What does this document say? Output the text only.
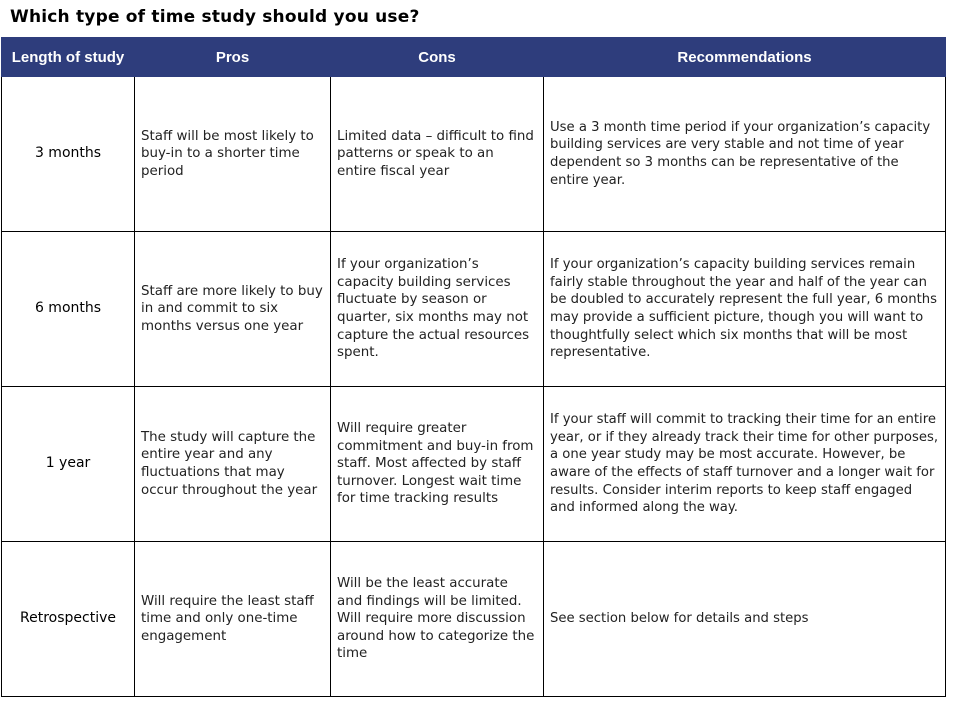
Which type of time study should you use?
Length of study	Pros	Cons	Recommendations
3 months	Staff will be most likely to buy-in to a shorter time period	Limited data – difficult to find patterns or speak to an entire fiscal year	Use a 3 month time period if your organization’s capacity building services are very stable and not time of year dependent so 3 months can be representative of the entire year.
6 months	Staff are more likely to buy in and commit to six months versus one year	If your organization’s capacity building services fluctuate by season or quarter, six months may not capture the actual resources spent.	If your organization’s capacity building services remain fairly stable throughout the year and half of the year can be doubled to accurately represent the full year, 6 months may provide a sufficient picture, though you will want to thoughtfully select which six months that will be most representative.
1 year	The study will capture the entire year and any fluctuations that may occur throughout the year	Will require greater commitment and buy-in from staff. Most affected by staff turnover. Longest wait time for time tracking results	If your staff will commit to tracking their time for an entire year, or if they already track their time for other purposes, a one year study may be most accurate. However, be aware of the effects of staff turnover and a longer wait for results. Consider interim reports to keep staff engaged and informed along the way.
Retrospective	Will require the least staff time and only one-time engagement	Will be the least accurate and findings will be limited. Will require more discussion around how to categorize the time	See section below for details and steps
